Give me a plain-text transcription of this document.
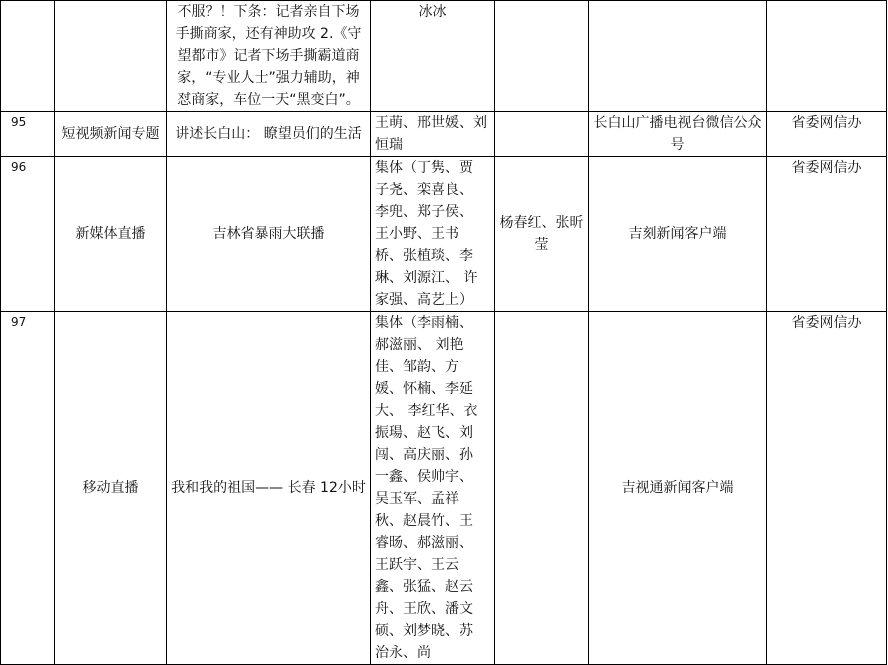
		不服？！下条：记者亲自下场手撕商家，还有神助攻 2.《守望都市》记者下场手撕霸道商家，“专业人士”强力辅助，神怼商家，车位一天“黑变白”。	冰冰			
95	短视频新闻专题	讲述长白山： 瞭望员们的生活	王萌、邢世媛、刘恒瑞		长白山广播电视台微信公众号	省委网信办
96	新媒体直播	吉林省暴雨大联播	集体（丁隽、贾子尧、栾喜良、 李兜、郑子侯、 王小野、王书桥、张植琰、李琳、刘源江、 许家强、高艺上）	杨春红、张昕莹	吉刻新闻客户端	省委网信办
97	移动直播	我和我的祖国—— 长春 12小时	集体（李雨楠、郝滋丽、 刘艳佳、邹韵、方媛、怀楠、李延大、 李红华、衣振瑒、赵飞、刘闯、高庆丽、孙一鑫、侯帅宇、吴玉军、孟祥秋、赵晨竹、王睿旸、郝滋丽、王跃宇、王云鑫、张猛、赵云舟、王欣、潘文硕、刘梦晓、苏治永、尚		吉视通新闻客户端	省委网信办
